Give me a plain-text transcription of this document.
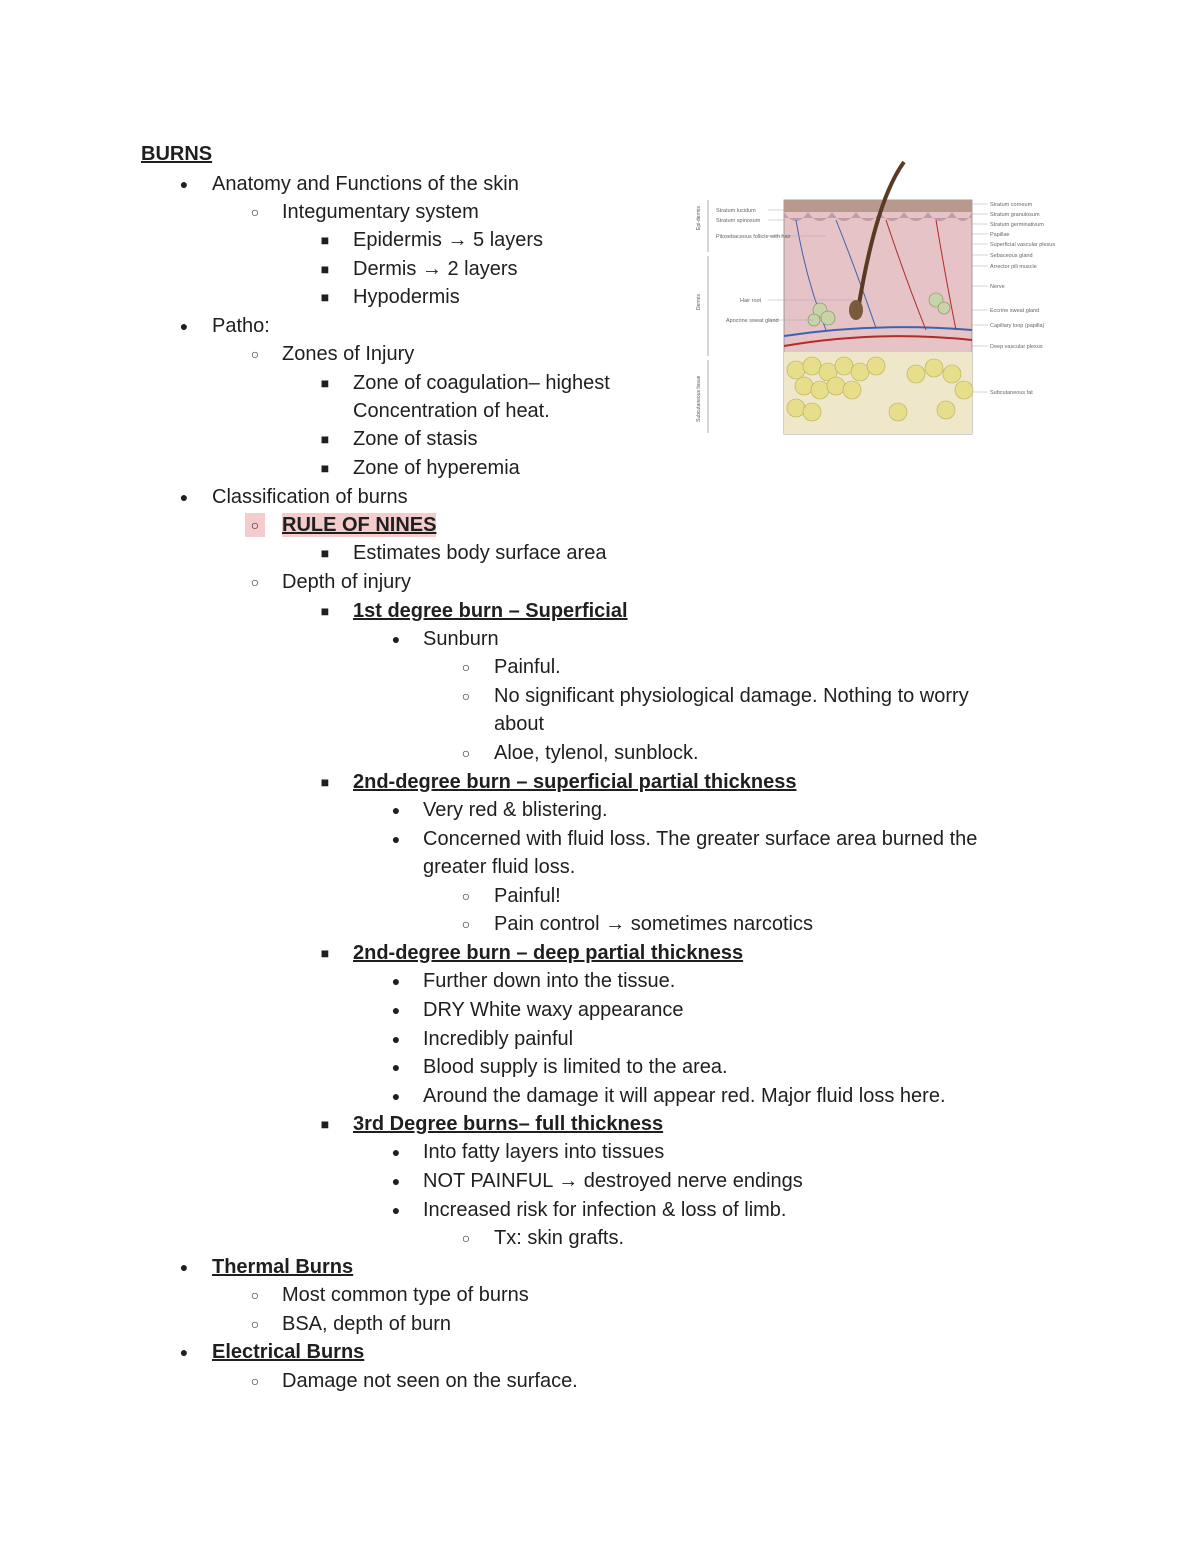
BURNS
● Anatomy and Functions of the skin
○ Integumentary system
■ Epidermis → 5 layers
■ Dermis → 2 layers
■ Hypodermis
● Patho:
○ Zones of Injury
■ Zone of coagulation– highest
Concentration of heat.
■ Zone of stasis
■ Zone of hyperemia
● Classification of burns
○ RULE OF NINES
■ Estimates body surface area
○ Depth of injury
■ 1st degree burn – Superficial
● Sunburn
○ Painful.
○ No significant physiological damage. Nothing to worry
about
○ Aloe, tylenol, sunblock.
■ 2nd-degree burn – superficial partial thickness
● Very red & blistering.
● Concerned with fluid loss. The greater surface area burned the
greater fluid loss.
○ Painful!
○ Pain control → sometimes narcotics
■ 2nd-degree burn – deep partial thickness
● Further down into the tissue.
● DRY White waxy appearance
● Incredibly painful
● Blood supply is limited to the area.
● Around the damage it will appear red. Major fluid loss here.
■ 3rd Degree burns– full thickness
● Into fatty layers into tissues
● NOT PAINFUL → destroyed nerve endings
● Increased risk for infection & loss of limb.
○ Tx: skin grafts.
● Thermal Burns
○ Most common type of burns
○ BSA, depth of burn
● Electrical Burns
○ Damage not seen on the surface.
Epi-dermis
Dermis
Subcutaneous tissue
Stratum lucidum
Stratum spinosum
Pilosebaceous follicle with hair
Hair root
Apocrine sweat gland
Stratum corneum
Stratum granulosum
Stratum germinativum
Papillae
Superficial vascular plexus
Sebaceous gland
Arrector pili muscle
Nerve
Eccrine sweat gland
Capillary loop (papilla)
Deep vascular plexus
Subcutaneous fat
